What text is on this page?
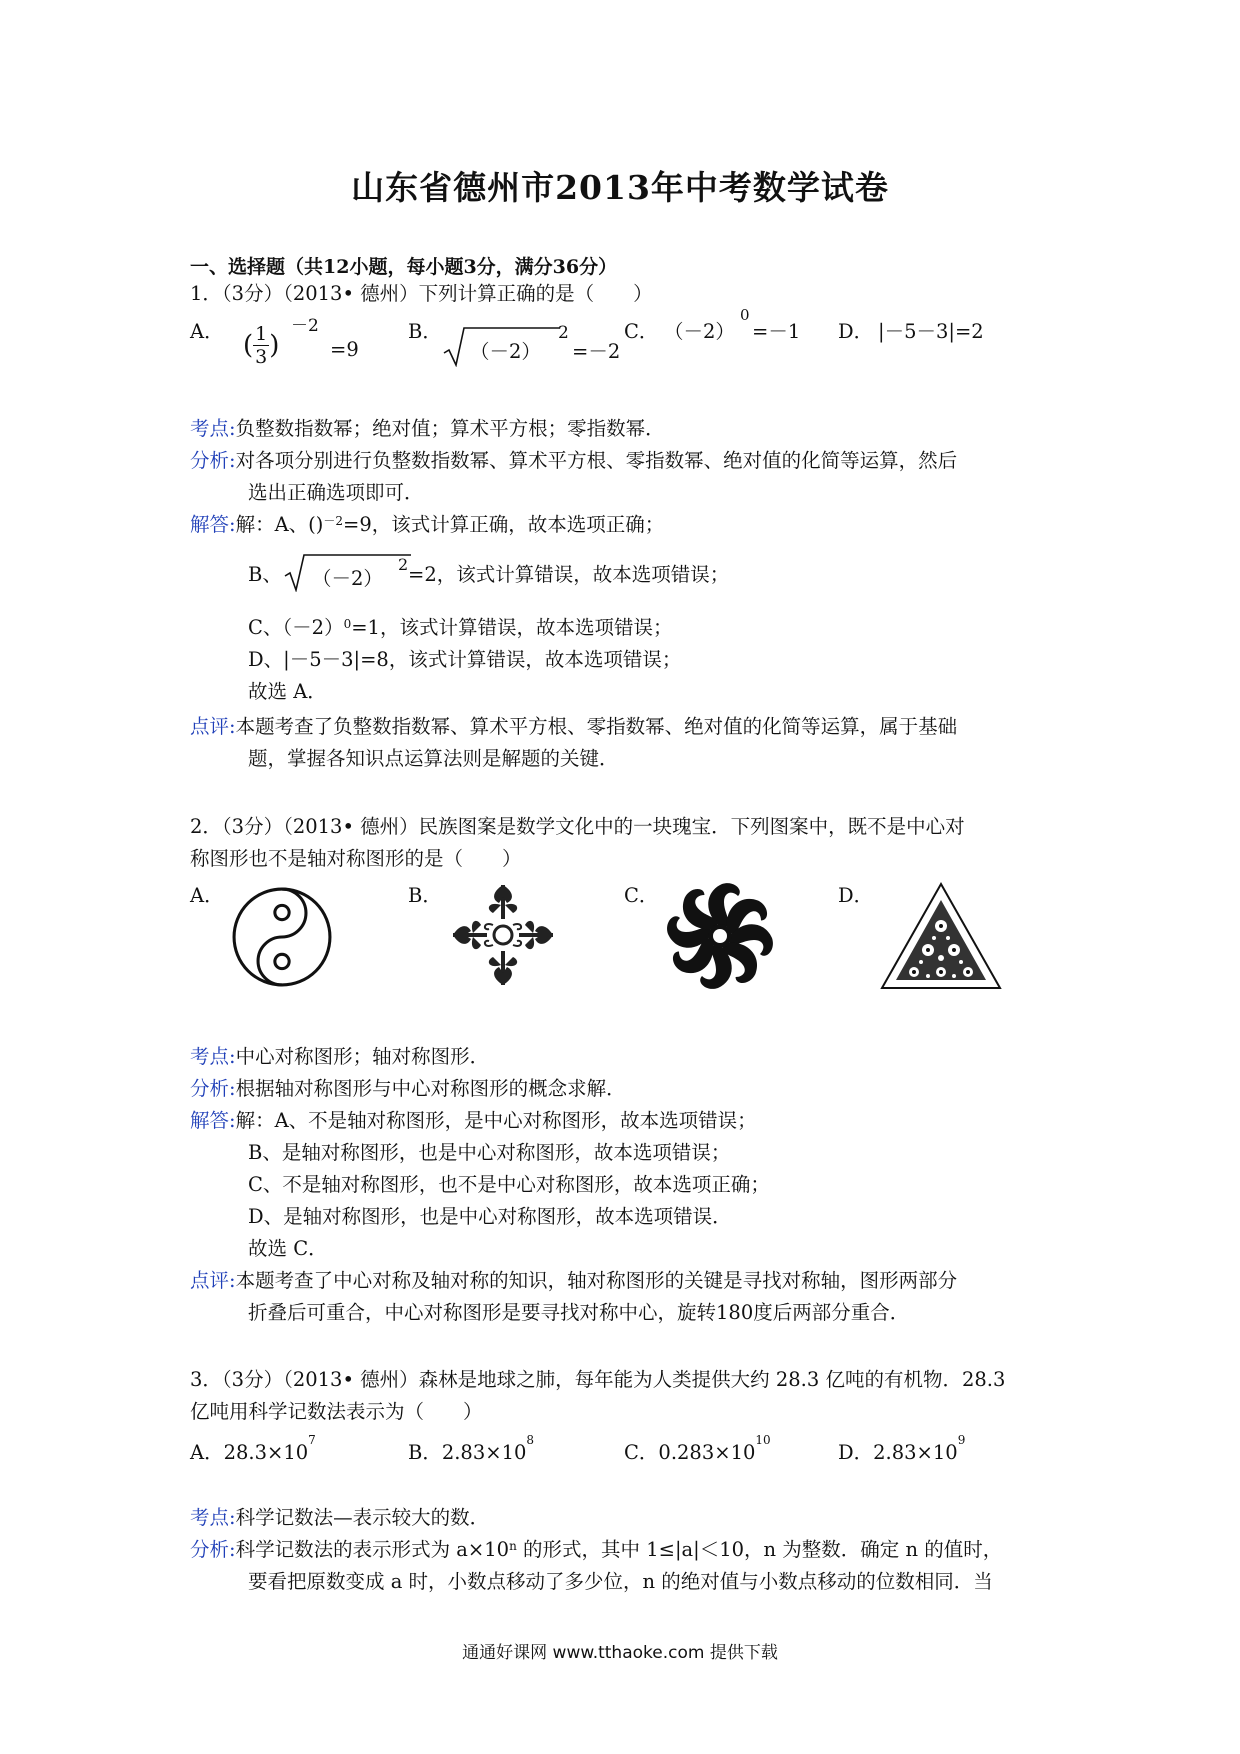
山东省德州市2013年中考数学试卷
一、选择题（共12小题，每小题3分，满分36分）
1．（3分）（2013• 德州）下列计算正确的是（　　）
A． ( $\frac{1}{3}$ )
－2
=9
B．
（－2）
2
=－2
C． （－2）
0
=－1 D． |－5－3|=2
考点:负整数指数幂；绝对值；算术平方根；零指数幂．
分析:对各项分别进行负整数指数幂、算术平方根、零指数幂、绝对值的化简等运算，然后
选出正确选项即可．
解答:解：A、()$^{-2}$=9，该式计算正确，故本选项正确；
B、 （－2）
2 =2，该式计算错误，故本选项错误；
C、$(-2)^0=1$，该式计算错误，故本选项错误；
D、|－5－3|=8，该式计算错误，故本选项错误；
故选 A．
点评:本题考查了负整数指数幂、算术平方根、零指数幂、绝对值的化简等运算，属于基础
题，掌握各知识点运算法则是解题的关键．
2．（3分）（2013• 德州）民族图案是数学文化中的一块瑰宝．下列图案中，既不是中心对
称图形也不是轴对称图形的是（　　）
A．	B．	C．	D．
考点:中心对称图形；轴对称图形．
分析:根据轴对称图形与中心对称图形的概念求解．
解答:解：A、不是轴对称图形，是中心对称图形，故本选项错误；
B、是轴对称图形，也是中心对称图形，故本选项错误；
C、不是轴对称图形，也不是中心对称图形，故本选项正确；
D、是轴对称图形，也是中心对称图形，故本选项错误．
故选 C．
点评:本题考查了中心对称及轴对称的知识，轴对称图形的关键是寻找对称轴，图形两部分
折叠后可重合，中心对称图形是要寻找对称中心，旋转180度后两部分重合．
3．（3分）（2013• 德州）森林是地球之肺，每年能为人类提供大约 28.3 亿吨的有机物．28.3
亿吨用科学记数法表示为（　　）
A．$28.3\times 10^7$
B．$2.83\times 10^8$
C．$0.283\times 10^{10}$
D．$2.83\times 10^9$
考点:科学记数法—表示较大的数．
分析:科学记数法的表示形式为 $a\times 10^n$ 的形式，其中 1≤|a|＜10，n 为整数．确定 n 的值时，
要看把原数变成 a 时，小数点移动了多少位，n 的绝对值与小数点移动的位数相同．当
通通好课网 www.tthaoke.com 提供下载
